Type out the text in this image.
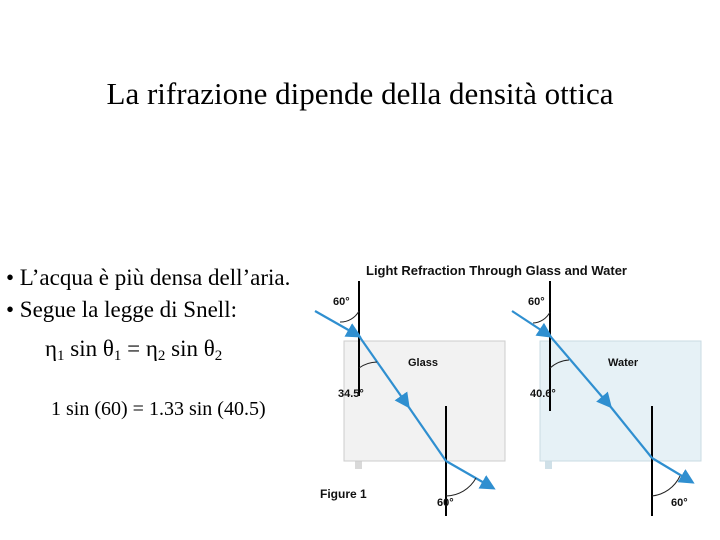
La rifrazione dipende della densità ottica
• L’acqua è più densa dell’aria.
• Segue la legge di Snell:
$\eta_1$ $\sin \theta_1 = \eta_2$ $\sin \theta_2$
1 sin (60) = 1.33 sin (40.5)
Light Refraction Through Glass and Water
60°
Glass
34.5°
60°
60°
Water
40.6°
60°
Figure 1
